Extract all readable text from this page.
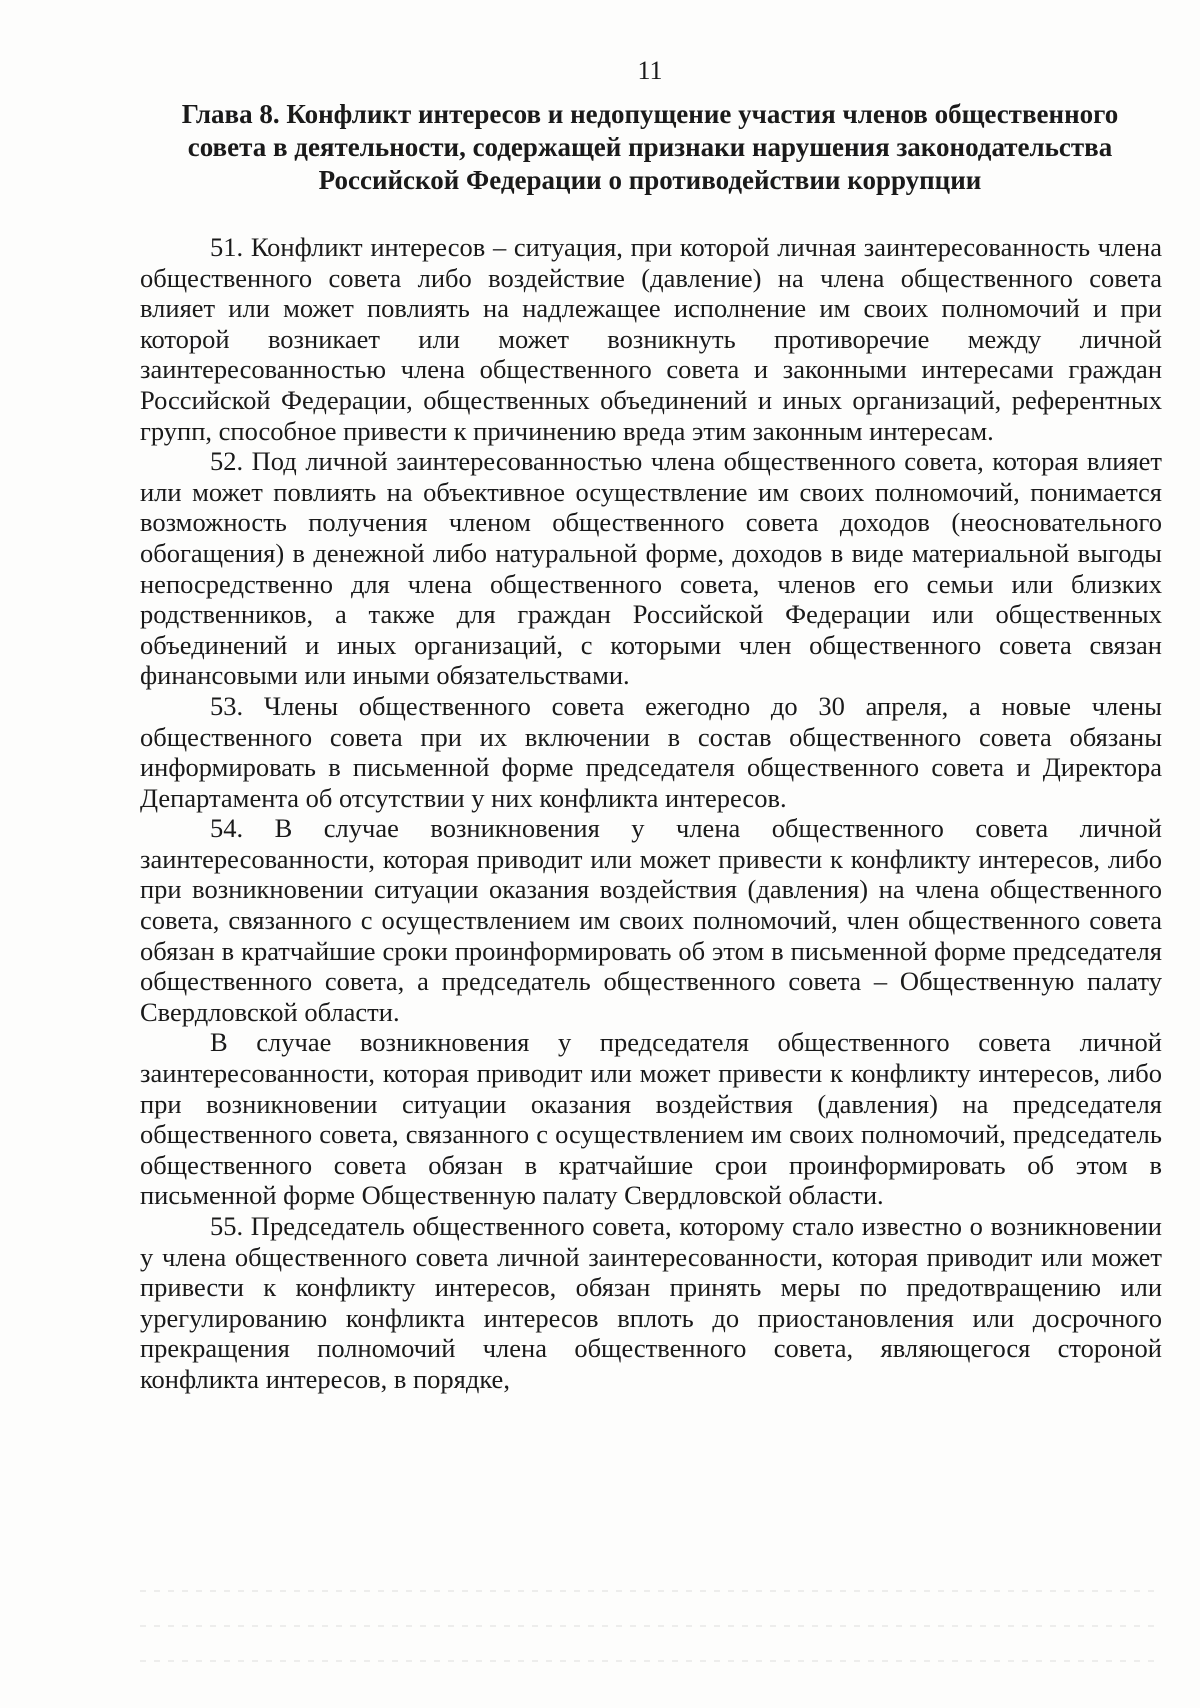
11
Глава 8. Конфликт интересов и недопущение участия членов общественного
совета в деятельности, содержащей признаки нарушения законодательства
Российской Федерации о противодействии коррупции

51. Конфликт интересов – ситуация, при которой личная заинтересованность члена общественного совета либо воздействие (давление) на члена общественного совета влияет или может повлиять на надлежащее исполнение им своих полномочий и при которой возникает или может возникнуть противоречие между личной заинтересованностью члена общественного совета и законными интересами граждан Российской Федерации, общественных объединений и иных организаций, референтных групп, способное привести к причинению вреда этим законным интересам.

52. Под личной заинтересованностью члена общественного совета, которая влияет или может повлиять на объективное осуществление им своих полномочий, понимается возможность получения членом общественного совета доходов (неосновательного обогащения) в денежной либо натуральной форме, доходов в виде материальной выгоды непосредственно для члена общественного совета, членов его семьи или близких родственников, а также для граждан Российской Федерации или общественных объединений и иных организаций, с которыми член общественного совета связан финансовыми или иными обязательствами.

53. Члены общественного совета ежегодно до 30 апреля, а новые члены общественного совета при их включении в состав общественного совета обязаны информировать в письменной форме председателя общественного совета и Директора Департамента об отсутствии у них конфликта интересов.

54. В случае возникновения у члена общественного совета личной заинтересованности, которая приводит или может привести к конфликту интересов, либо при возникновении ситуации оказания воздействия (давления) на члена общественного совета, связанного с осуществлением им своих полномочий, член общественного совета обязан в кратчайшие сроки проинформировать об этом в письменной форме председателя общественного совета, а председатель общественного совета – Общественную палату Свердловской области.

В случае возникновения у председателя общественного совета личной заинтересованности, которая приводит или может привести к конфликту интересов, либо при возникновении ситуации оказания воздействия (давления) на председателя общественного совета, связанного с осуществлением им своих полномочий, председатель общественного совета обязан в кратчайшие срои проинформировать об этом в письменной форме Общественную палату Свердловской области.

55. Председатель общественного совета, которому стало известно о возникновении у члена общественного совета личной заинтересованности, которая приводит или может привести к конфликту интересов, обязан принять меры по предотвращению или урегулированию конфликта интересов вплоть до приостановления или досрочного прекращения полномочий члена общественного совета, являющегося стороной конфликта интересов, в порядке,
